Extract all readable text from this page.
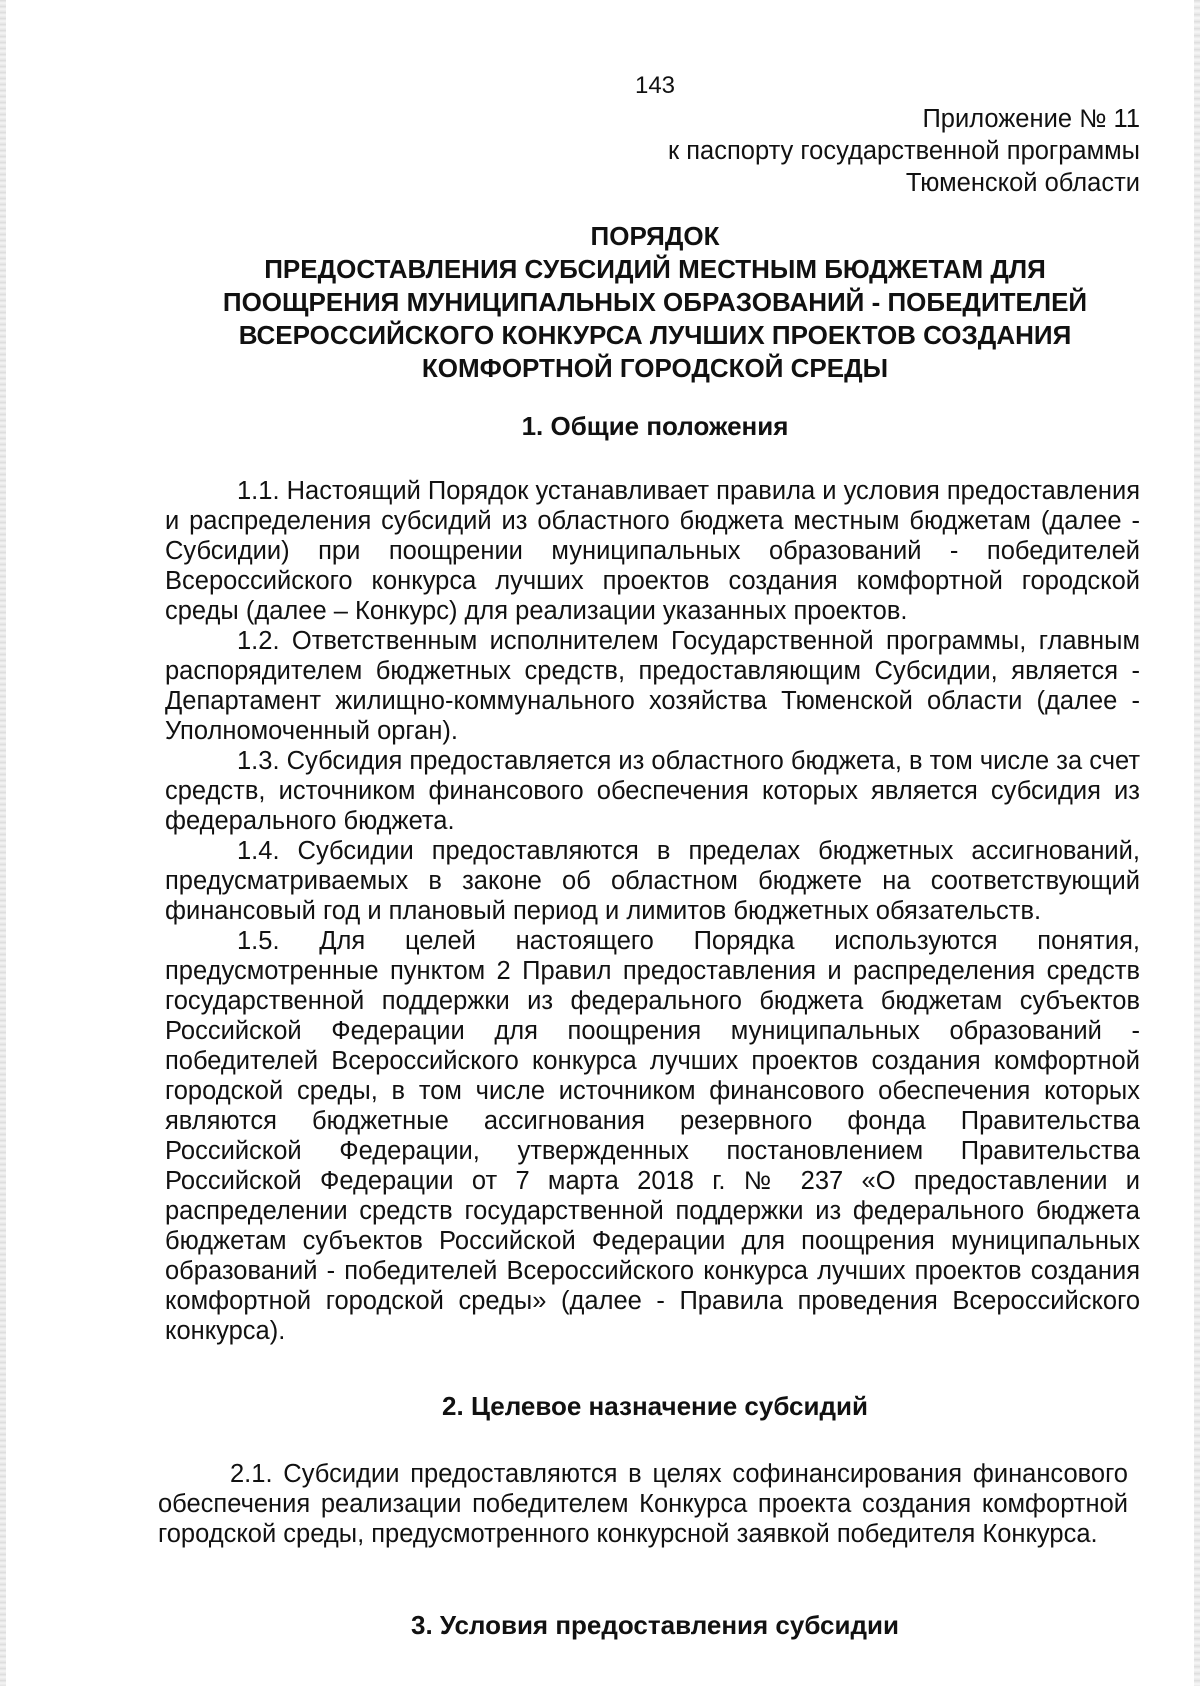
143
Приложение № 11
к паспорту государственной программы
Тюменской области
ПОРЯДОК
ПРЕДОСТАВЛЕНИЯ СУБСИДИЙ МЕСТНЫМ БЮДЖЕТАМ ДЛЯ
ПООЩРЕНИЯ МУНИЦИПАЛЬНЫХ ОБРАЗОВАНИЙ - ПОБЕДИТЕЛЕЙ
ВСЕРОССИЙСКОГО КОНКУРСА ЛУЧШИХ ПРОЕКТОВ СОЗДАНИЯ
КОМФОРТНОЙ ГОРОДСКОЙ СРЕДЫ
1. Общие положения

1.1. Настоящий Порядок устанавливает правила и условия предоставления и распределения субсидий из областного бюджета местным бюджетам (далее - Субсидии) при поощрении муниципальных образований - победителей Всероссийского конкурса лучших проектов создания комфортной городской среды (далее – Конкурс) для реализации указанных проектов.

1.2. Ответственным исполнителем Государственной программы, главным распорядителем бюджетных средств, предоставляющим Субсидии, является - Департамент жилищно-коммунального хозяйства Тюменской области (далее - Уполномоченный орган).

1.3. Субсидия предоставляется из областного бюджета, в том числе за счет средств, источником финансового обеспечения которых является субсидия из федерального бюджета.

1.4. Субсидии предоставляются в пределах бюджетных ассигнований, предусматриваемых в законе об областном бюджете на соответствующий финансовый год и плановый период и лимитов бюджетных обязательств.

1.5. Для целей настоящего Порядка используются понятия, предусмотренные пунктом 2 Правил предоставления и распределения средств государственной поддержки из федерального бюджета бюджетам субъектов Российской Федерации для поощрения муниципальных образований - победителей Всероссийского конкурса лучших проектов создания комфортной городской среды, в том числе источником финансового обеспечения которых являются бюджетные ассигнования резервного фонда Правительства Российской Федерации, утвержденных постановлением Правительства Российской Федерации от 7 марта 2018 г. № 237 «О предоставлении и распределении средств государственной поддержки из федерального бюджета бюджетам субъектов Российской Федерации для поощрения муниципальных образований - победителей Всероссийского конкурса лучших проектов создания комфортной городской среды» (далее - Правила проведения Всероссийского конкурса).

2. Целевое назначение субсидий

2.1. Субсидии предоставляются в целях софинансирования финансового обеспечения реализации победителем Конкурса проекта создания комфортной городской среды, предусмотренного конкурсной заявкой победителя Конкурса.

3. Условия предоставления субсидии
